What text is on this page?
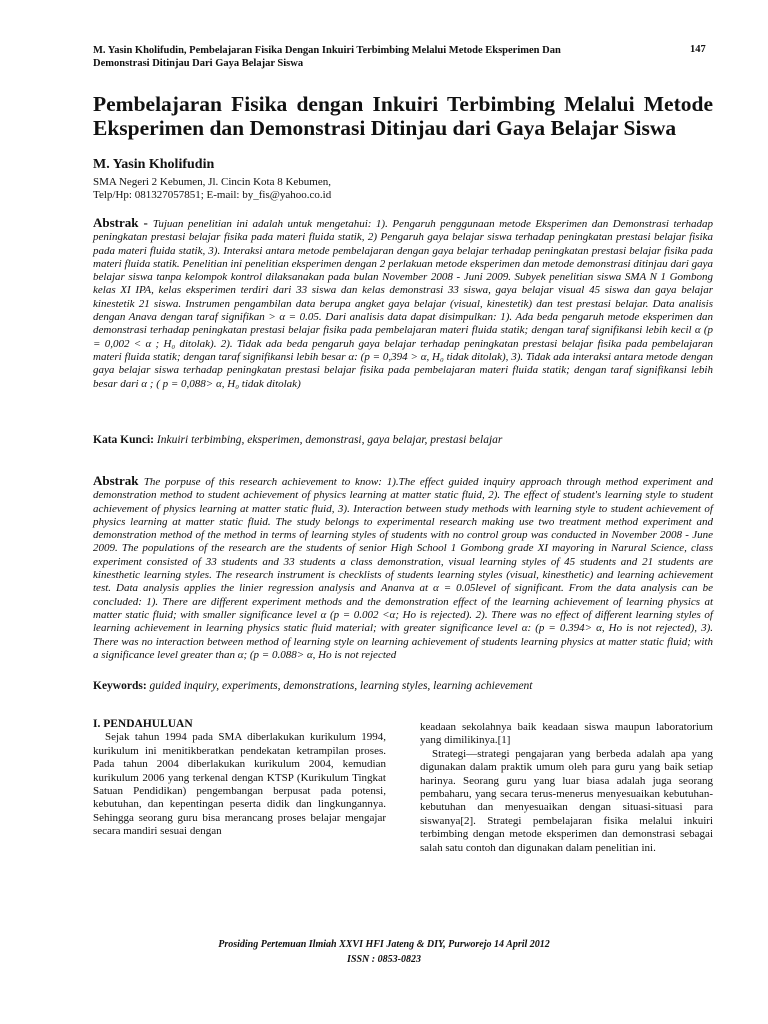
M. Yasin Kholifudin, Pembelajaran Fisika Dengan Inkuiri Terbimbing Melalui Metode Eksperimen Dan Demonstrasi Ditinjau Dari Gaya Belajar Siswa
147
Pembelajaran Fisika dengan Inkuiri Terbimbing Melalui Metode Eksperimen dan Demonstrasi Ditinjau dari Gaya Belajar Siswa
M. Yasin Kholifudin
SMA Negeri 2 Kebumen, Jl. Cincin Kota 8 Kebumen,
Telp/Hp: 081327057851; E-mail: by_fis@yahoo.co.id
Abstrak - Tujuan penelitian ini adalah untuk mengetahui: 1). Pengaruh penggunaan metode Eksperimen dan Demonstrasi terhadap peningkatan prestasi belajar fisika pada materi fluida statik, 2) Pengaruh gaya belajar siswa terhadap peningkatan prestasi belajar fisika pada materi fluida statik, 3). Interaksi antara metode pembelajaran dengan gaya belajar terhadap peningkatan prestasi belajar fisika pada materi fluida statik. Penelitian ini penelitian eksperimen dengan 2 perlakuan metode eksperimen dan metode demonstrasi ditinjau dari gaya belajar siswa tanpa kelompok kontrol dilaksanakan pada bulan November 2008 - Juni 2009. Subyek penelitian siswa SMA N 1 Gombong kelas XI IPA, kelas eksperimen terdiri dari 33 siswa dan kelas demonstrasi 33 siswa, gaya belajar visual 45 siswa dan gaya belajar kinestetik 21 siswa. Instrumen pengambilan data berupa angket gaya belajar (visual, kinestetik) dan test prestasi belajar. Data analisis dengan Anava dengan taraf signifikan > α = 0.05. Dari analisis data dapat disimpulkan: 1). Ada beda pengaruh metode eksperimen dan demonstrasi terhadap peningkatan prestasi belajar fisika pada pembelajaran materi fluida statik; dengan taraf signifikansi lebih kecil α (p = 0,002 < α ; H₀ ditolak). 2). Tidak ada beda pengaruh gaya belajar terhadap peningkatan prestasi belajar fisika pada pembelajaran materi fluida statik; dengan taraf signifikansi lebih besar α: (p = 0,394 > α, H₀ tidak ditolak), 3). Tidak ada interaksi antara metode dengan gaya belajar siswa terhadap peningkatan prestasi belajar fisika pada pembelajaran materi fluida statik; dengan taraf signifikansi lebih besar dari α ; ( p = 0,088> α, H₀ tidak ditolak)
Kata Kunci: Inkuiri terbimbing, eksperimen, demonstrasi, gaya belajar, prestasi belajar
Abstrak The porpuse of this research achievement to know: 1).The effect guided inquiry approach through method experiment and demonstration method to student achievement of physics learning at matter static fluid, 2). The effect of student's learning style to student achievement of physics learning at matter static fluid, 3). Interaction between study methods with learning style to student achievement of physics learning at matter static fluid. The study belongs to experimental research making use two treatment method experiment and demonstration method of the method in terms of learning styles of students with no control group was conducted in November 2008 - June 2009. The populations of the research are the students of senior High School 1 Gombong grade XI mayoring in Narural Science, class experiment consisted of 33 students and 33 students a class demonstration, visual learning styles of 45 students and 21 students are kinesthetic learning styles. The research instrument is checklists of students learning styles (visual, kinesthetic) and learning achievement test. Data analysis applies the linier regression analysis and Ananva at α = 0.05level of significant. From the data analysis can be concluded: 1). There are different experiment methods and the demonstration effect of the learning achievement of learning physics at matter static fluid; with smaller significance level α (p = 0.002 <α; Ho is rejected). 2). There was no effect of different learning styles of learning achievement in learning physics static fluid material; with greater significance level α: (p = 0.394> α, Ho is not rejected), 3). There was no interaction between method of learning style on learning achievement of students learning physics at matter static fluid; with a significance level greater than α; (p = 0.088> α, Ho is not rejected
Keywords: guided inquiry, experiments, demonstrations, learning styles, learning achievement

I. PENDAHULUAN

Sejak tahun 1994 pada SMA diberlakukan kurikulum 1994, kurikulum ini menitikberatkan pendekatan ketrampilan proses. Pada tahun 2004 diberlakukan kurikulum 2004, kemudian kurikulum 2006 yang terkenal dengan KTSP (Kurikulum Tingkat Satuan Pendidikan) pengembangan berpusat pada potensi, kebutuhan, dan kepentingan peserta didik dan lingkungannya. Sehingga seorang guru bisa merancang proses belajar mengajar secara mandiri sesuai dengan

keadaan sekolahnya baik keadaan siswa maupun laboratorium yang dimilikinya.[1]

Strategi—strategi pengajaran yang berbeda adalah apa yang digunakan dalam praktik umum oleh para guru yang baik setiap harinya. Seorang guru yang luar biasa adalah juga seorang pembaharu, yang secara terus-menerus menyesuaikan kebutuhan-kebutuhan dan menyesuaikan dengan situasi-situasi para siswanya[2]. Strategi pembelajaran fisika melalui inkuiri terbimbing dengan metode eksperimen dan demonstrasi sebagai salah satu contoh dan digunakan dalam penelitian ini.

Prosiding Pertemuan Ilmiah XXVI HFI Jateng & DIY, Purworejo 14 April 2012
ISSN : 0853-0823
